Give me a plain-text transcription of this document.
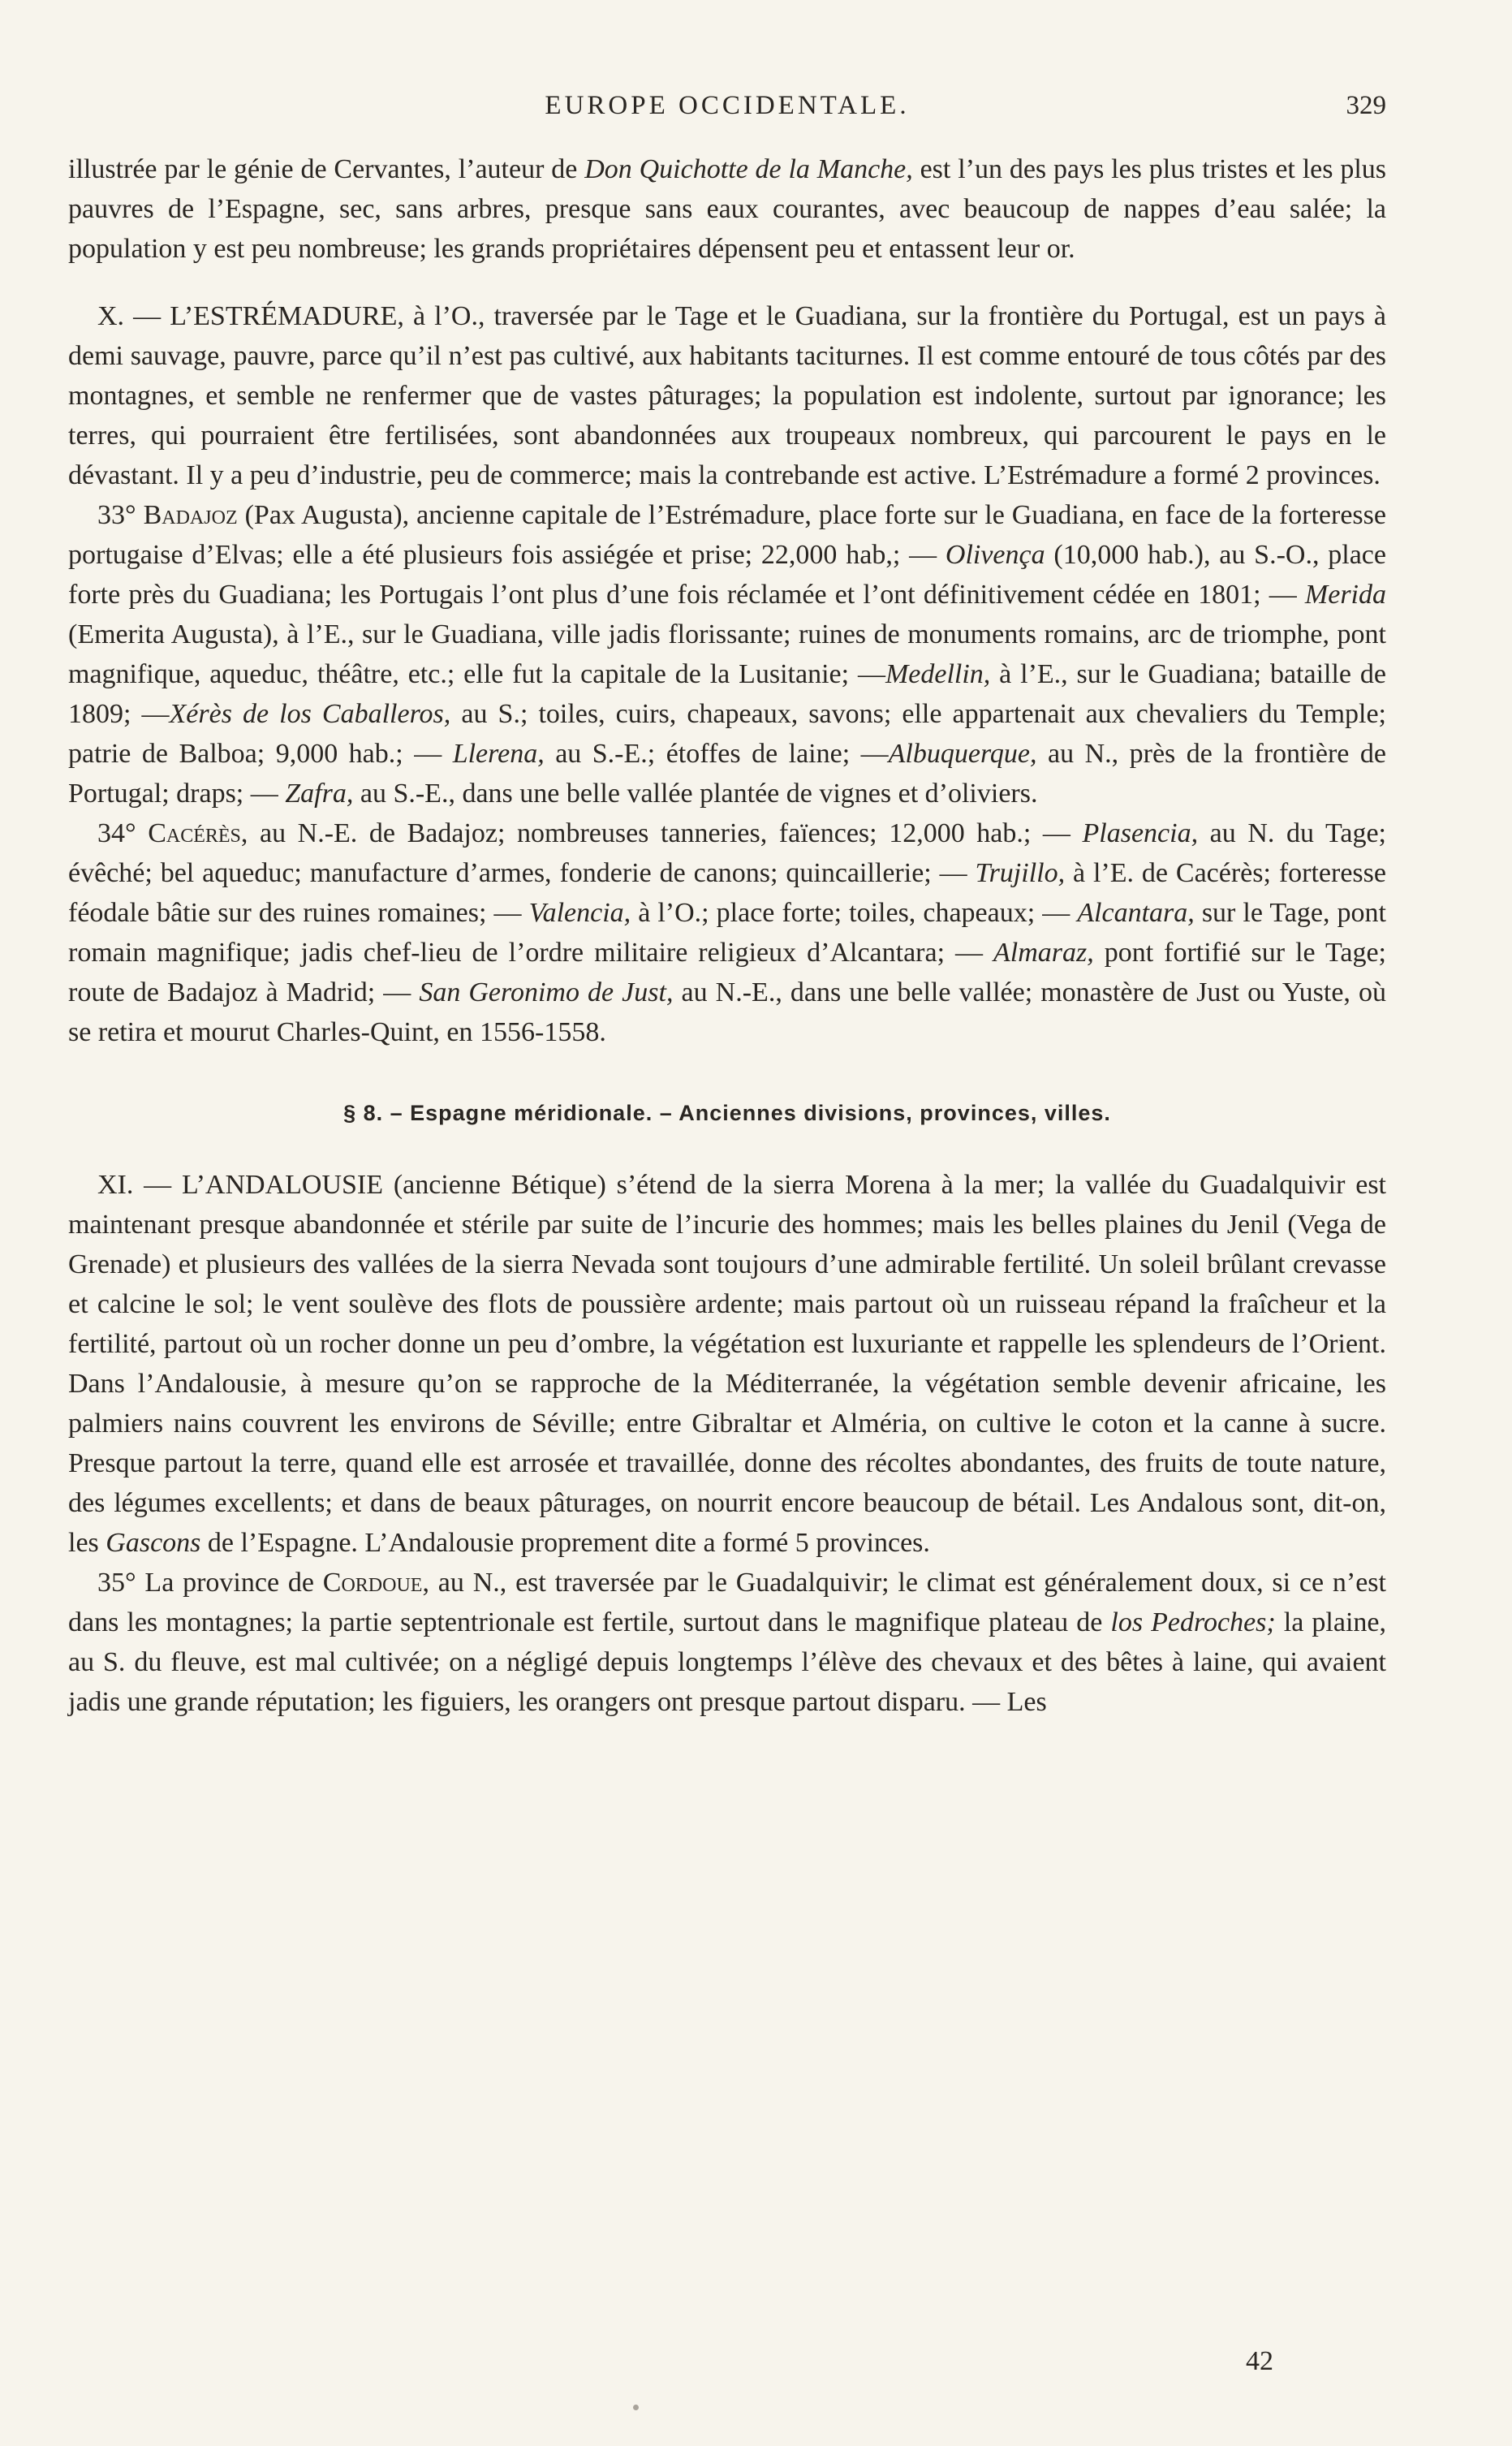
EUROPE OCCIDENTALE.	329

illustrée par le génie de Cervantes, l’auteur de Don Quichotte de la Manche, est l’un des pays les plus tristes et les plus pauvres de l’Espagne, sec, sans arbres, presque sans eaux courantes, avec beaucoup de nappes d’eau salée; la population y est peu nombreuse; les grands propriétaires dépensent peu et entassent leur or.

X. — L’ESTRÉMADURE, à l’O., traversée par le Tage et le Guadiana, sur la frontière du Portugal, est un pays à demi sauvage, pauvre, parce qu’il n’est pas cultivé, aux habitants taciturnes. Il est comme entouré de tous côtés par des montagnes, et semble ne renfermer que de vastes pâturages; la population est indolente, surtout par ignorance; les terres, qui pourraient être fertilisées, sont abandonnées aux troupeaux nombreux, qui parcourent le pays en le dévastant. Il y a peu d’industrie, peu de commerce; mais la contrebande est active. L’Estrémadure a formé 2 provinces.

33° Badajoz (Pax Augusta), ancienne capitale de l’Estrémadure, place forte sur le Guadiana, en face de la forteresse portugaise d’Elvas; elle a été plusieurs fois assiégée et prise; 22,000 hab,; — Olivença (10,000 hab.), au S.-O., place forte près du Guadiana; les Portugais l’ont plus d’une fois réclamée et l’ont définitivement cédée en 1801; — Merida (Emerita Augusta), à l’E., sur le Guadiana, ville jadis florissante; ruines de monuments romains, arc de triomphe, pont magnifique, aqueduc, théâtre, etc.; elle fut la capitale de la Lusitanie; —Medellin, à l’E., sur le Guadiana; bataille de 1809; —Xérès de los Caballeros, au S.; toiles, cuirs, chapeaux, savons; elle appartenait aux chevaliers du Temple; patrie de Balboa; 9,000 hab.; — Llerena, au S.-E.; étoffes de laine; —Albuquerque, au N., près de la frontière de Portugal; draps; — Zafra, au S.-E., dans une belle vallée plantée de vignes et d’oliviers.

34° Cacérès, au N.-E. de Badajoz; nombreuses tanneries, faïences; 12,000 hab.; — Plasencia, au N. du Tage; évêché; bel aqueduc; manufacture d’armes, fonderie de canons; quincaillerie; — Trujillo, à l’E. de Cacérès; forteresse féodale bâtie sur des ruines romaines; — Valencia, à l’O.; place forte; toiles, chapeaux; — Alcantara, sur le Tage, pont romain magnifique; jadis chef-lieu de l’ordre militaire religieux d’Alcantara; — Almaraz, pont fortifié sur le Tage; route de Badajoz à Madrid; — San Geronimo de Just, au N.-E., dans une belle vallée; monastère de Just ou Yuste, où se retira et mourut Charles-Quint, en 1556-1558.

§ 8. – Espagne méridionale. – Anciennes divisions, provinces, villes.

XI. — L’ANDALOUSIE (ancienne Bétique) s’étend de la sierra Morena à la mer; la vallée du Guadalquivir est maintenant presque abandonnée et stérile par suite de l’incurie des hommes; mais les belles plaines du Jenil (Vega de Grenade) et plusieurs des vallées de la sierra Nevada sont toujours d’une admirable fertilité. Un soleil brûlant crevasse et calcine le sol; le vent soulève des flots de poussière ardente; mais partout où un ruisseau répand la fraîcheur et la fertilité, partout où un rocher donne un peu d’ombre, la végétation est luxuriante et rappelle les splendeurs de l’Orient. Dans l’Andalousie, à mesure qu’on se rapproche de la Méditerranée, la végétation semble devenir africaine, les palmiers nains couvrent les environs de Séville; entre Gibraltar et Alméria, on cultive le coton et la canne à sucre. Presque partout la terre, quand elle est arrosée et travaillée, donne des récoltes abondantes, des fruits de toute nature, des légumes excellents; et dans de beaux pâturages, on nourrit encore beaucoup de bétail. Les Andalous sont, dit-on, les Gascons de l’Espagne. L’Andalousie proprement dite a formé 5 provinces.

35° La province de Cordoue, au N., est traversée par le Guadalquivir; le climat est généralement doux, si ce n’est dans les montagnes; la partie septentrionale est fertile, surtout dans le magnifique plateau de los Pedroches; la plaine, au S. du fleuve, est mal cultivée; on a négligé depuis longtemps l’élève des chevaux et des bêtes à laine, qui avaient jadis une grande réputation; les figuiers, les orangers ont presque partout disparu. — Les

42
